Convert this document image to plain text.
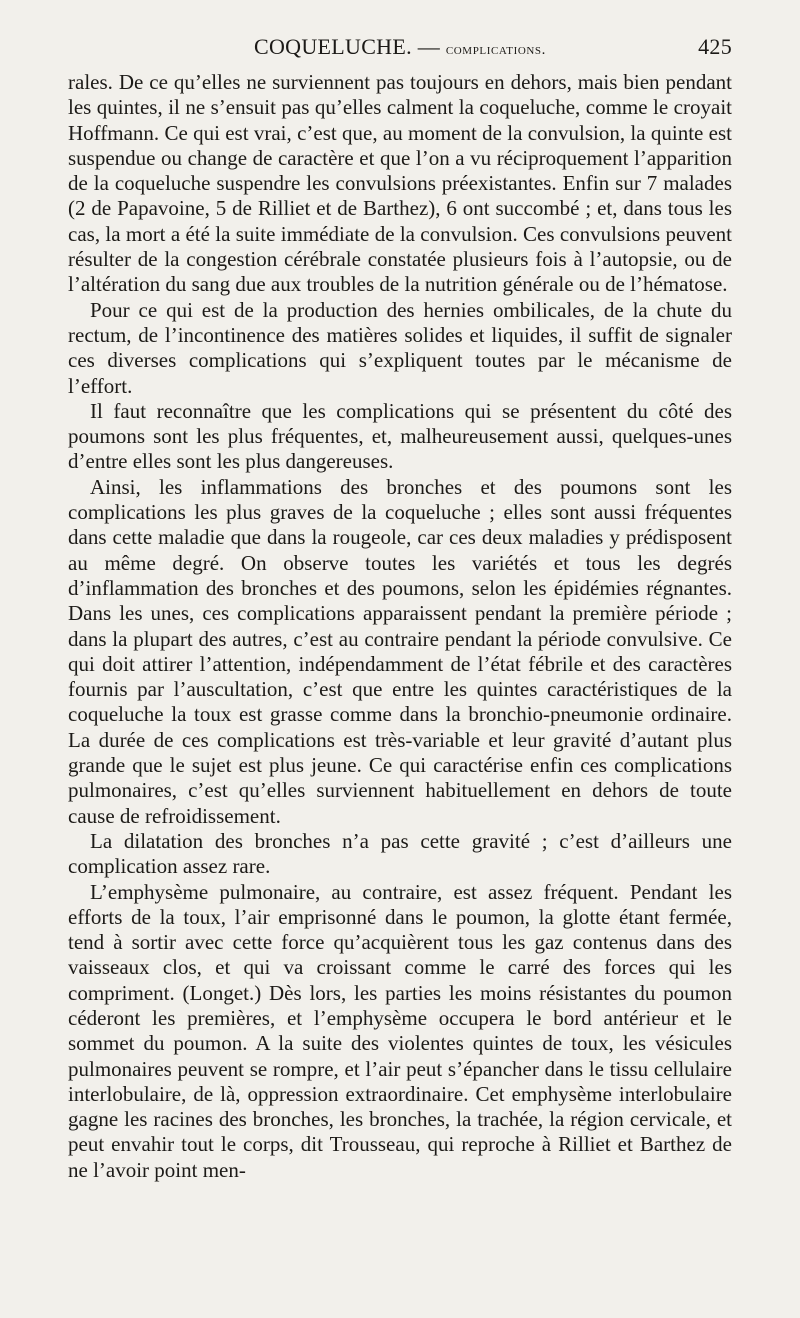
COQUELUCHE. — complications.	425

rales. De ce qu’elles ne surviennent pas toujours en dehors, mais bien pendant les quintes, il ne s’ensuit pas qu’elles calment la coqueluche, comme le croyait Hoffmann. Ce qui est vrai, c’est que, au moment de la convulsion, la quinte est suspendue ou change de caractère et que l’on a vu réciproquement l’apparition de la coqueluche suspendre les convulsions préexistantes. Enfin sur 7 malades (2 de Papavoine, 5 de Rilliet et de Barthez), 6 ont succombé ; et, dans tous les cas, la mort a été la suite immédiate de la convulsion. Ces convulsions peuvent résulter de la congestion cérébrale constatée plusieurs fois à l’autopsie, ou de l’altération du sang due aux troubles de la nutrition générale ou de l’hématose.

Pour ce qui est de la production des hernies ombilicales, de la chute du rectum, de l’incontinence des matières solides et liquides, il suffit de signaler ces diverses complications qui s’expliquent toutes par le mécanisme de l’effort.

Il faut reconnaître que les complications qui se présentent du côté des poumons sont les plus fréquentes, et, malheureusement aussi, quelques-unes d’entre elles sont les plus dangereuses.

Ainsi, les inflammations des bronches et des poumons sont les complications les plus graves de la coqueluche ; elles sont aussi fréquentes dans cette maladie que dans la rougeole, car ces deux maladies y prédisposent au même degré. On observe toutes les variétés et tous les degrés d’inflammation des bronches et des poumons, selon les épidémies régnantes. Dans les unes, ces complications apparaissent pendant la première période ; dans la plupart des autres, c’est au contraire pendant la période convulsive. Ce qui doit attirer l’attention, indépendamment de l’état fébrile et des caractères fournis par l’auscultation, c’est que entre les quintes caractéristiques de la coqueluche la toux est grasse comme dans la bronchio-pneumonie ordinaire. La durée de ces complications est très-variable et leur gravité d’autant plus grande que le sujet est plus jeune. Ce qui caractérise enfin ces complications pulmonaires, c’est qu’elles surviennent habituellement en dehors de toute cause de refroidissement.

La dilatation des bronches n’a pas cette gravité ; c’est d’ailleurs une complication assez rare.

L’emphysème pulmonaire, au contraire, est assez fréquent. Pendant les efforts de la toux, l’air emprisonné dans le poumon, la glotte étant fermée, tend à sortir avec cette force qu’acquièrent tous les gaz contenus dans des vaisseaux clos, et qui va croissant comme le carré des forces qui les compriment. (Longet.) Dès lors, les parties les moins résistantes du poumon céderont les premières, et l’emphysème occupera le bord antérieur et le sommet du poumon. A la suite des violentes quintes de toux, les vésicules pulmonaires peuvent se rompre, et l’air peut s’épancher dans le tissu cellulaire interlobulaire, de là, oppression extraordinaire. Cet emphysème interlobulaire gagne les racines des bronches, les bronches, la trachée, la région cervicale, et peut envahir tout le corps, dit Trousseau, qui reproche à Rilliet et Barthez de ne l’avoir point men-
